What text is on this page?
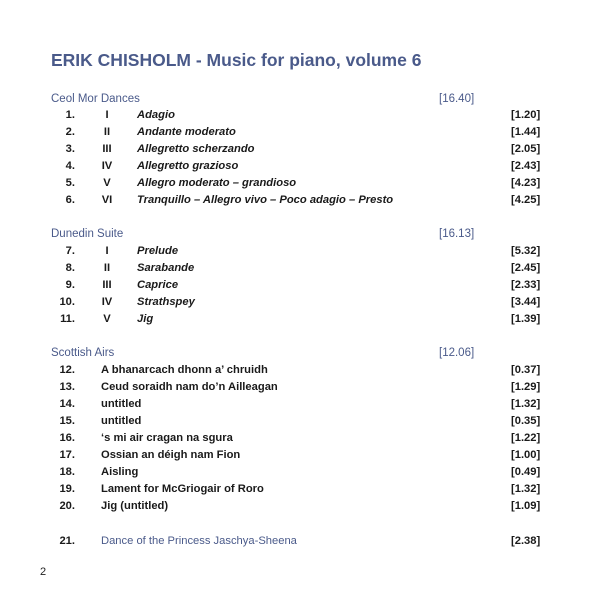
ERIK CHISHOLM - Music for piano, volume 6
Ceol Mor Dances	[16.40]
1.	I	Adagio	[1.20]
2.	II	Andante moderato	[1.44]
3.	III	Allegretto scherzando	[2.05]
4.	IV	Allegretto grazioso	[2.43]
5.	V	Allegro moderato – grandioso	[4.23]
6.	VI	Tranquillo – Allegro vivo – Poco adagio – Presto	[4.25]
Dunedin Suite	[16.13]
7.	I	Prelude	[5.32]
8.	II	Sarabande	[2.45]
9.	III	Caprice	[2.33]
10.	IV	Strathspey	[3.44]
11.	V	Jig	[1.39]
Scottish Airs	[12.06]
12. A bhanarcach dhonn a’ chruidh	[0.37]
13. Ceud soraidh nam do’n Ailleagan	[1.29]
14. untitled	[1.32]
15. untitled	[0.35]
16. ‘s mi air cragan na sgura	[1.22]
17. Ossian an déigh nam Fion	[1.00]
18. Aisling	[0.49]
19. Lament for McGriogair of Roro	[1.32]
20. Jig (untitled)	[1.09]
21. Dance of the Princess Jaschya-Sheena	[2.38]
2
